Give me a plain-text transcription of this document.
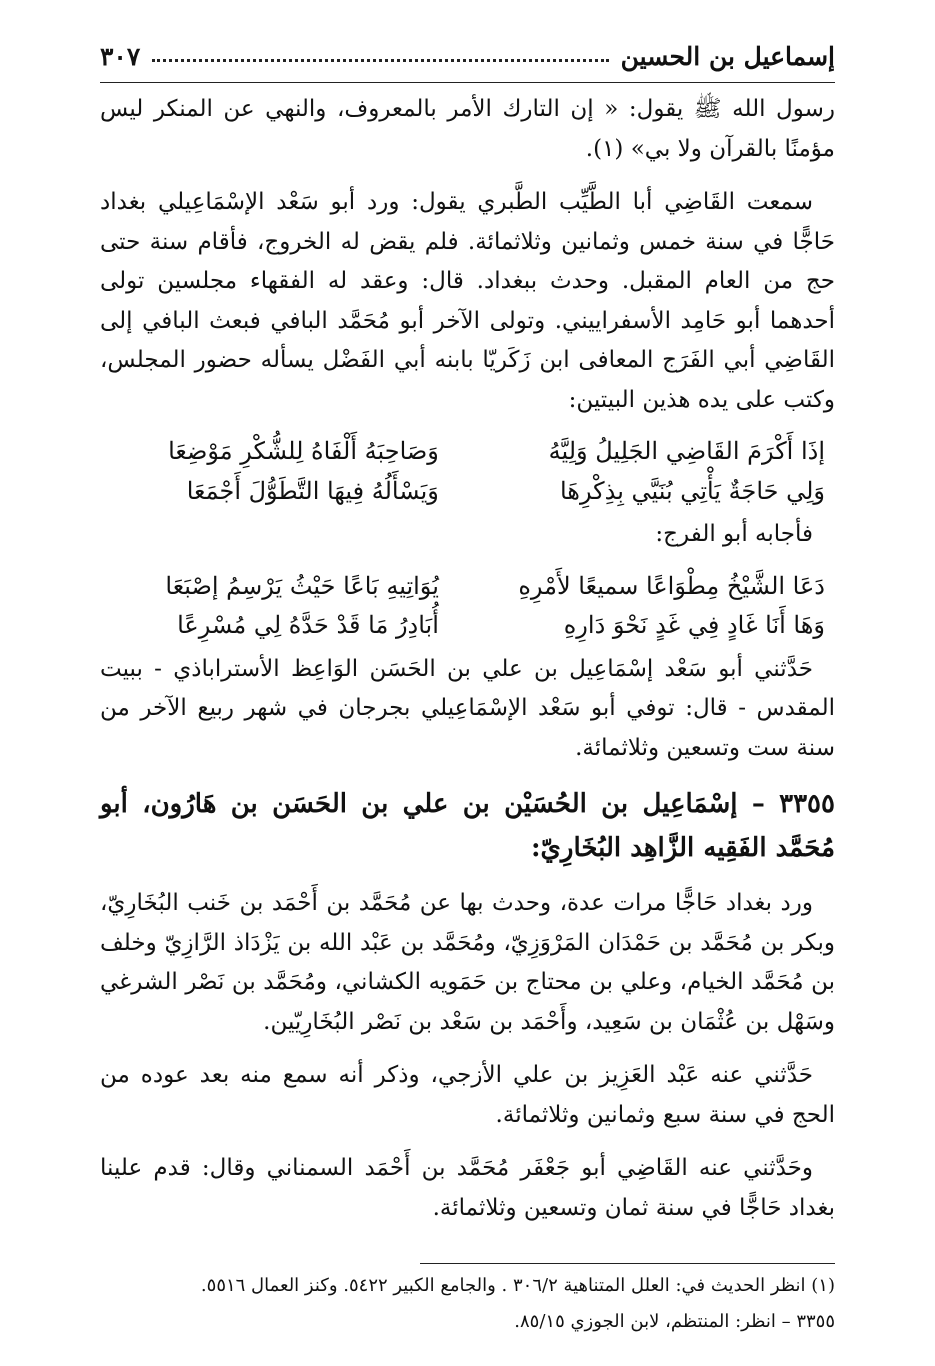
إسماعيل بن الحسين
٣٠٧

رسول الله ﷺ يقول: « إن التارك الأمر بالمعروف، والنهي عن المنكر ليس مؤمنًا بالقرآن ولا بي» (١).

سمعت القَاضِي أبا الطَّيِّب الطَّبري يقول: ورد أبو سَعْد الإسْمَاعِيلي بغداد حَاجًّا في سنة خمس وثمانين وثلاثمائة. فلم يقض له الخروج، فأقام سنة حتى حج من العام المقبل. وحدث ببغداد. قال: وعقد له الفقهاء مجلسين تولى أحدهما أبو حَامِد الأسفراييني. وتولى الآخر أبو مُحَمَّد البافي فبعث البافي إلى القَاضِي أبي الفَرَج المعافى ابن زَكَريّا بابنه أبي الفَضْل يسأله حضور المجلس، وكتب على يده هذين البيتين:

إذَا أَكْرَمَ القَاضِي الجَلِيلُ وَلِيَّهُ
وَصَاحِبَهُ أَلْفَاهُ لِلشُّكْرِ مَوْضِعَا
وَلِي حَاجَةٌ يَأْتِي بُنَيَّي بِذِكْرِهَا
وَيَسْأَلُهُ فِيهَا التَّطَوُّلَ أَجْمَعَا

فأجابه أبو الفرج:

دَعَا الشَّيْخُ مِطْوَاعًا سميعًا لأَمْرِهِ
يُوَاتِيهِ بَاعًا حَيْثُ يَرْسِمُ إصْبَعَا
وَهَا أَنَا غَادٍ فِي غَدٍ نَحْوَ دَارِهِ
أُبَادِرُ مَا قَدْ حَدَّهُ لِي مُسْرِعًا

حَدَّثني أبو سَعْد إسْمَاعِيل بن علي بن الحَسَن الوَاعِظ الأستراباذي - ببيت المقدس - قال: توفي أبو سَعْد الإسْمَاعِيلي بجرجان في شهر ربيع الآخر من سنة ست وتسعين وثلاثمائة.

٣٣٥٥ – إسْمَاعِيل بن الحُسَيْن بن علي بن الحَسَن بن هَارُون، أبو مُحَمَّد الفَقِيه الزَّاهِد البُخَارِيّ:

ورد بغداد حَاجًّا مرات عدة، وحدث بها عن مُحَمَّد بن أَحْمَد بن خَنب البُخَارِيّ، وبكر بن مُحَمَّد بن حَمْدَان المَرْوَزِيّ، ومُحَمَّد بن عَبْد الله بن يَزْدَاذ الرَّازِيّ وخلف بن مُحَمَّد الخيام، وعلي بن محتاج بن حَمَويه الكشاني، ومُحَمَّد بن نَصْر الشرغي وسَهْل بن عُثْمَان بن سَعِيد، وأَحْمَد بن سَعْد بن نَصْر البُخَارِيّين.

حَدَّثني عنه عَبْد العَزِيز بن علي الأزجي، وذكر أنه سمع منه بعد عوده من الحج في سنة سبع وثمانين وثلاثمائة.

وحَدَّثني عنه القَاضِي أبو جَعْفَر مُحَمَّد بن أَحْمَد السمناني وقال: قدم علينا بغداد حَاجًّا في سنة ثمان وتسعين وثلاثمائة.

(١) انظر الحديث في: العلل المتناهية ٣٠٦/٢ . والجامع الكبير ٥٤٢٢. وكنز العمال ٥٥١٦.

٣٣٥٥ – انظر: المنتظم، لابن الجوزي ٨٥/١٥.
